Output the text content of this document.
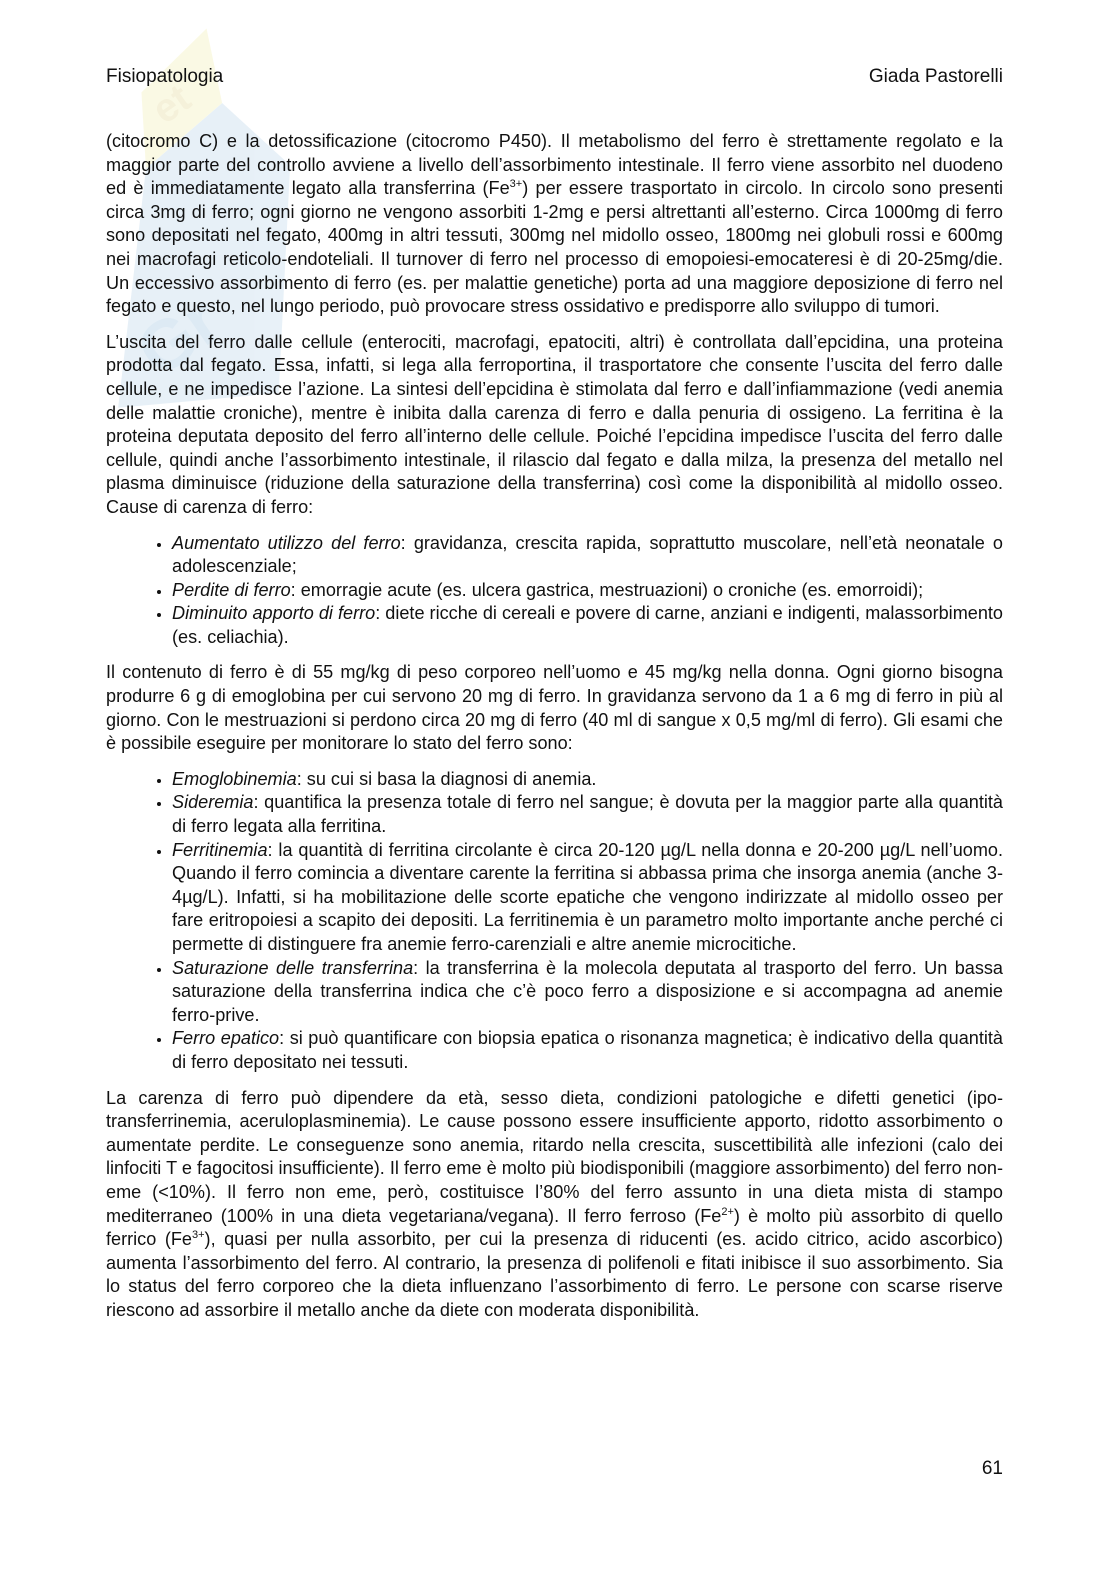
Gr
et
Fisiopatologia	Giada Pastorelli

(citocromo C) e la detossificazione (citocromo P450). Il metabolismo del ferro è strettamente regolato e la maggior parte del controllo avviene a livello dell’assorbimento intestinale. Il ferro viene assorbito nel duodeno ed è immediatamente legato alla transferrina $(Fe^{3+})$ per essere trasportato in circolo. In circolo sono presenti circa 3mg di ferro; ogni giorno ne vengono assorbiti 1-2mg e persi altrettanti all’esterno. Circa 1000mg di ferro sono depositati nel fegato, 400mg in altri tessuti, 300mg nel midollo osseo, 1800mg nei globuli rossi e 600mg nei macrofagi reticolo-endoteliali. Il turnover di ferro nel processo di emopoiesi-emocateresi è di 20-25mg/die. Un eccessivo assorbimento di ferro (es. per malattie genetiche) porta ad una maggiore deposizione di ferro nel fegato e questo, nel lungo periodo, può provocare stress ossidativo e predisporre allo sviluppo di tumori.

L’uscita del ferro dalle cellule (enterociti, macrofagi, epatociti, altri) è controllata dall’epcidina, una proteina prodotta dal fegato. Essa, infatti, si lega alla ferroportina, il trasportatore che consente l’uscita del ferro dalle cellule, e ne impedisce l’azione. La sintesi dell’epcidina è stimolata dal ferro e dall’infiammazione (vedi anemia delle malattie croniche), mentre è inibita dalla carenza di ferro e dalla penuria di ossigeno. La ferritina è la proteina deputata deposito del ferro all’interno delle cellule. Poiché l’epcidina impedisce l’uscita del ferro dalle cellule, quindi anche l’assorbimento intestinale, il rilascio dal fegato e dalla milza, la presenza del metallo nel plasma diminuisce (riduzione della saturazione della transferrina) così come la disponibilità al midollo osseo. Cause di carenza di ferro:

• Aumentato utilizzo del ferro: gravidanza, crescita rapida, soprattutto muscolare, nell’età neonatale o adolescenziale;
• Perdite di ferro: emorragie acute (es. ulcera gastrica, mestruazioni) o croniche (es. emorroidi);
• Diminuito apporto di ferro: diete ricche di cereali e povere di carne, anziani e indigenti, malassorbimento (es. celiachia).

Il contenuto di ferro è di 55 mg/kg di peso corporeo nell’uomo e 45 mg/kg nella donna. Ogni giorno bisogna produrre 6 g di emoglobina per cui servono 20 mg di ferro. In gravidanza servono da 1 a 6 mg di ferro in più al giorno. Con le mestruazioni si perdono circa 20 mg di ferro (40 ml di sangue x 0,5 mg/ml di ferro). Gli esami che è possibile eseguire per monitorare lo stato del ferro sono:

• Emoglobinemia: su cui si basa la diagnosi di anemia.
• Sideremia: quantifica la presenza totale di ferro nel sangue; è dovuta per la maggior parte alla quantità di ferro legata alla ferritina.
• Ferritinemia: la quantità di ferritina circolante è circa 20-120 µg/L nella donna e 20-200 µg/L nell’uomo. Quando il ferro comincia a diventare carente la ferritina si abbassa prima che insorga anemia (anche 3-4µg/L). Infatti, si ha mobilitazione delle scorte epatiche che vengono indirizzate al midollo osseo per fare eritropoiesi a scapito dei depositi. La ferritinemia è un parametro molto importante anche perché ci permette di distinguere fra anemie ferro-carenziali e altre anemie microcitiche.
• Saturazione delle transferrina: la transferrina è la molecola deputata al trasporto del ferro. Un bassa saturazione della transferrina indica che c’è poco ferro a disposizione e si accompagna ad anemie ferro-prive.
• Ferro epatico: si può quantificare con biopsia epatica o risonanza magnetica; è indicativo della quantità di ferro depositato nei tessuti.

La carenza di ferro può dipendere da età, sesso dieta, condizioni patologiche e difetti genetici (ipo-transferrinemia, aceruloplasminemia). Le cause possono essere insufficiente apporto, ridotto assorbimento o aumentate perdite. Le conseguenze sono anemia, ritardo nella crescita, suscettibilità alle infezioni (calo dei linfociti T e fagocitosi insufficiente). Il ferro eme è molto più biodisponibili (maggiore assorbimento) del ferro non-eme (<10%). Il ferro non eme, però, costituisce l’80% del ferro assunto in una dieta mista di stampo mediterraneo (100% in una dieta vegetariana/vegana). Il ferro ferroso $(Fe^{2+})$ è molto più assorbito di quello ferrico $(Fe^{3+})$, quasi per nulla assorbito, per cui la presenza di riducenti (es. acido citrico, acido ascorbico) aumenta l’assorbimento del ferro. Al contrario, la presenza di polifenoli e fitati inibisce il suo assorbimento. Sia lo status del ferro corporeo che la dieta influenzano l’assorbimento di ferro. Le persone con scarse riserve riescono ad assorbire il metallo anche da diete con moderata disponibilità.

61
